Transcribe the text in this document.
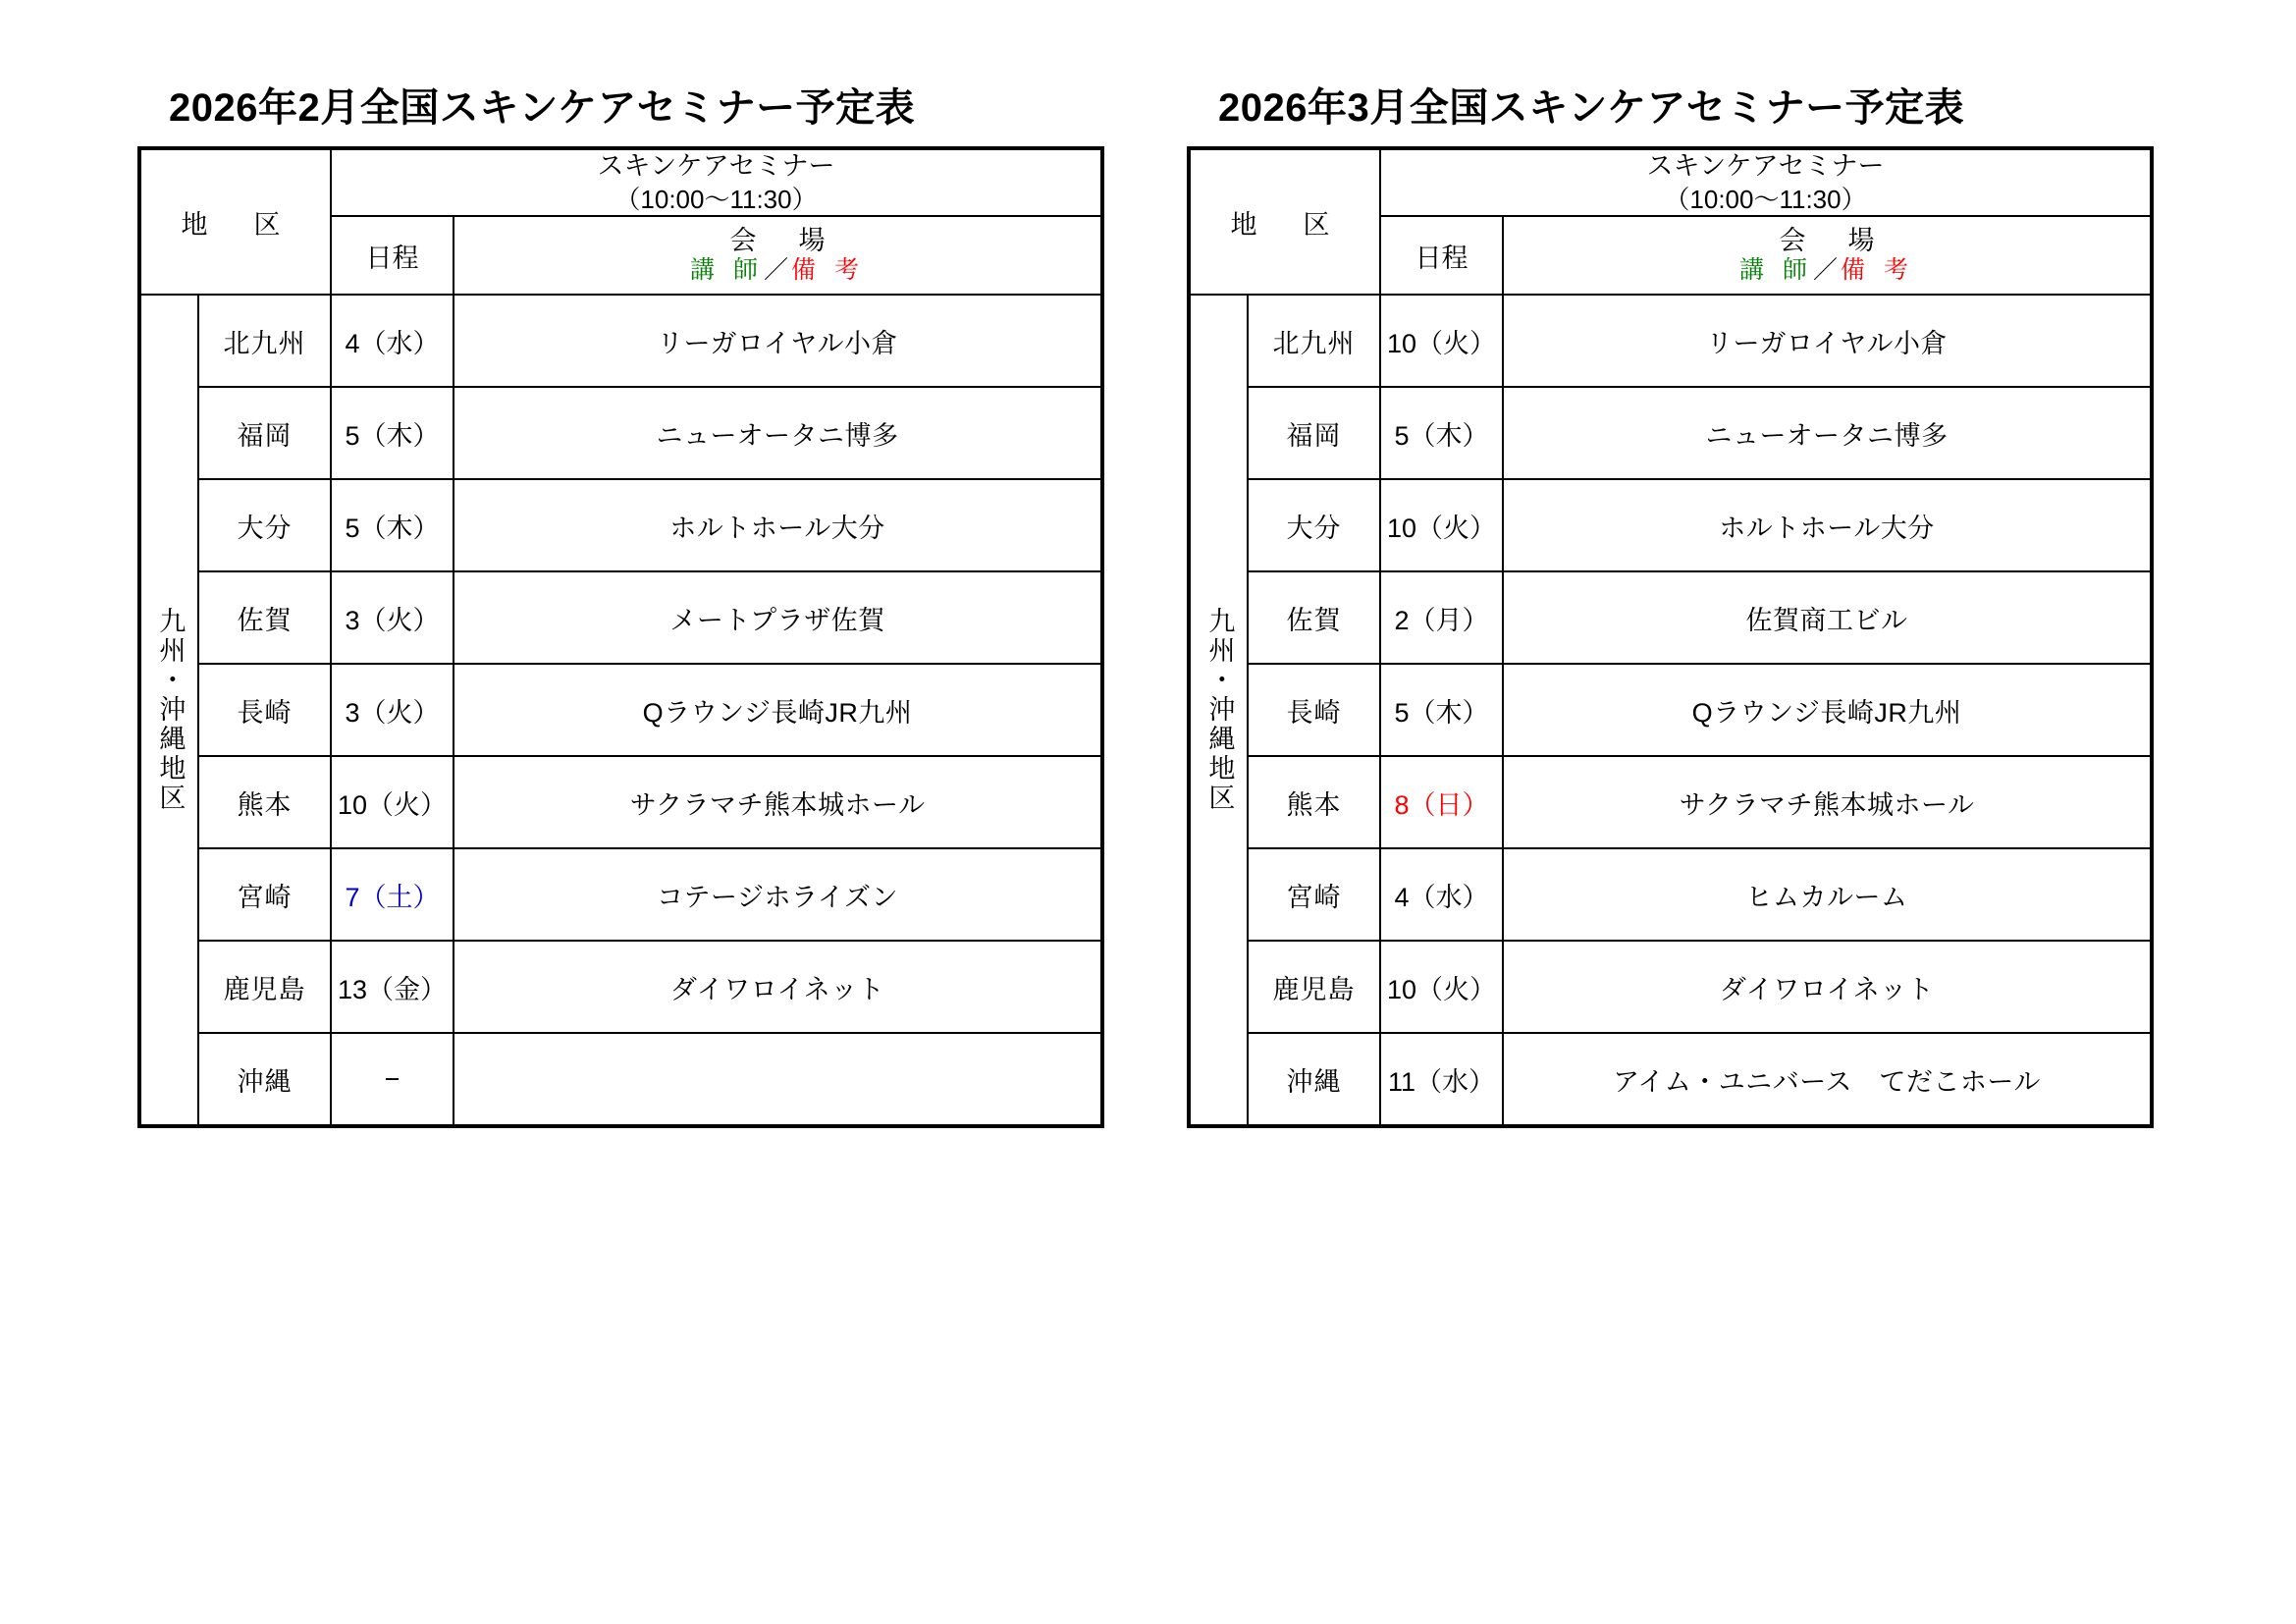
2026年2月全国スキンケアセミナー予定表
地　区		スキンケアセミナー
（10:00〜11:30）	

		日程	会　場
講 師／備 考

九州・沖縄地区	北九州	4（水）	リーガロイヤル小倉
	福岡	5（木）	ニューオータニ博多
	大分	5（木）	ホルトホール大分
	佐賀	3（火）	メートプラザ佐賀
	長崎	3（火）	Qラウンジ長崎JR九州
	熊本	10（火）	サクラマチ熊本城ホール
	宮崎	7（土）	コテージホライズン
	鹿児島	13（金）	ダイワロイネット
	沖縄	−	
2026年3月全国スキンケアセミナー予定表
地　区		スキンケアセミナー
（10:00〜11:30）	

		日程	会　場
講 師／備 考

九州・沖縄地区	北九州	10（火）	リーガロイヤル小倉
	福岡	5（木）	ニューオータニ博多
	大分	10（火）	ホルトホール大分
	佐賀	2（月）	佐賀商工ビル
	長崎	5（木）	Qラウンジ長崎JR九州
	熊本	8（日）	サクラマチ熊本城ホール
	宮崎	4（水）	ヒムカルーム
	鹿児島	10（火）	ダイワロイネット
	沖縄	11（水）	アイム・ユニバース　てだこホール
